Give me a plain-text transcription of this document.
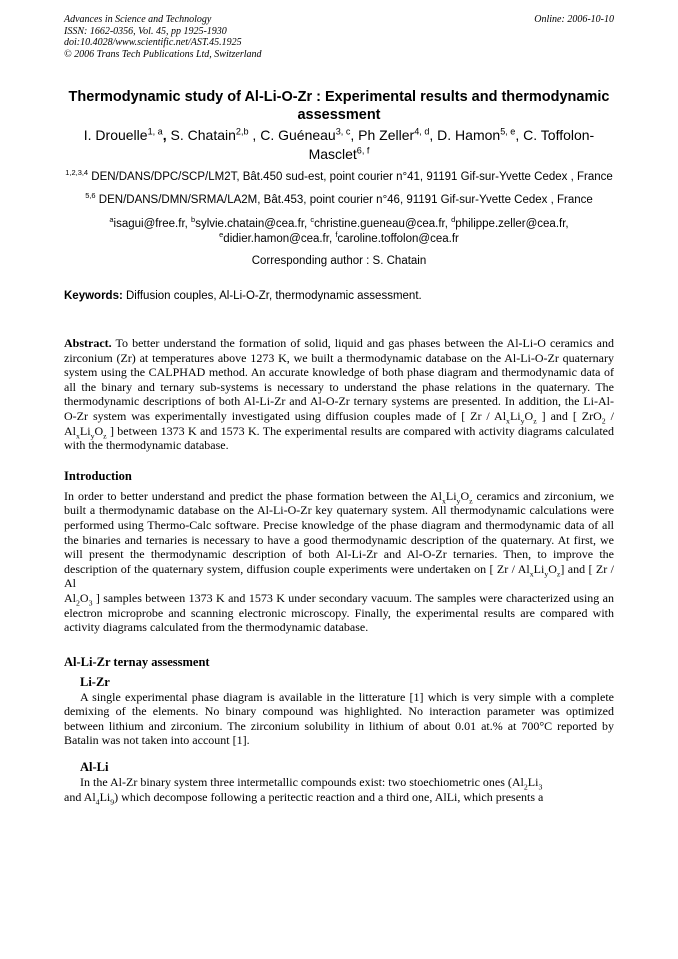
Advances in Science and Technology
ISSN: 1662-0356, Vol. 45, pp 1925-1930
doi:10.4028/www.scientific.net/AST.45.1925
© 2006 Trans Tech Publications Ltd, Switzerland
Online: 2006-10-10
Thermodynamic study of Al-Li-O-Zr : Experimental results and thermodynamic assessment
I. Drouelle$^{1, a}$, S. Chatain$^{2,b}$ , C. Guéneau$^{3, c}$, Ph Zeller$^{4, d}$, D. Hamon$^{5, e}$, C. Toffolon-Masclet$^{6, f}$
$^{1,2,3,4}$ DEN/DANS/DPC/SCP/LM2T, Bât.450 sud-est, point courier n°41, 91191 Gif-sur-Yvette Cedex , France
$^{5,6}$ DEN/DANS/DMN/SRMA/LA2M, Bât.453, point courier n°46, 91191 Gif-sur-Yvette Cedex , France
$^a$isagui@free.fr, $^b$sylvie.chatain@cea.fr, $^c$christine.gueneau@cea.fr, $^d$philippe.zeller@cea.fr,
$^e$didier.hamon@cea.fr, $^f$caroline.toffolon@cea.fr
Corresponding author : S. Chatain
Keywords: Diffusion couples, Al-Li-O-Zr, thermodynamic assessment.
Abstract. To better understand the formation of solid, liquid and gas phases between the Al-Li-O ceramics and zirconium (Zr) at temperatures above 1273 K, we built a thermodynamic database on the Al-Li-O-Zr quaternary system using the CALPHAD method. An accurate knowledge of both phase diagram and thermodynamic data of all the binary and ternary sub-systems is necessary to understand the phase relations in the quaternary. The thermodynamic descriptions of both Al-Li-Zr and Al-O-Zr ternary systems are presented. In addition, the Li-Al-O-Zr system was experimentally investigated using diffusion couples made of [ Zr / $Al_xLi_yO_z$ ] and [ $ZrO_2 / Al_xLi_yO_z$ ] between 1373 K and 1573 K. The experimental results are compared with activity diagrams calculated with the thermodynamic database.
Introduction
In order to better understand and predict the phase formation between the $Al_xLi_yO_z$ ceramics and zirconium, we built a thermodynamic database on the Al-Li-O-Zr key quaternary system. All thermodynamic calculations were performed using Thermo-Calc software. Precise knowledge of the phase diagram and thermodynamic data of all the binaries and ternaries is necessary to have a good thermodynamic description of the quaternary. At first, we will present the thermodynamic description of both Al-Li-Zr and Al-O-Zr ternaries. Then, to improve the description of the quaternary system, diffusion couple experiments were undertaken on [ Zr / $Al_xLi_yO_z$] and [ Zr / Al
$Al_2O_3$ ] samples between 1373 K and 1573 K under secondary vacuum. The samples were characterized using an electron microprobe and scanning electronic microscopy. Finally, the experimental results are compared with activity diagrams calculated from the thermodynamic database.
Al-Li-Zr ternay assessment
Li-Zr
A single experimental phase diagram is available in the litterature [1] which is very simple with a complete demixing of the elements. No binary compound was highlighted. No interaction parameter was optimized between lithium and zirconium. The zirconium solubility in lithium of about 0.01 at.% at 700°C reported by Batalin was not taken into account [1].
Al-Li
In the Al-Zr binary system three intermetallic compounds exist: two stoechiometric ones ($Al_2Li_3$
and $Al_4Li_9$) which decompose following a peritectic reaction and a third one, AlLi, which presents a
